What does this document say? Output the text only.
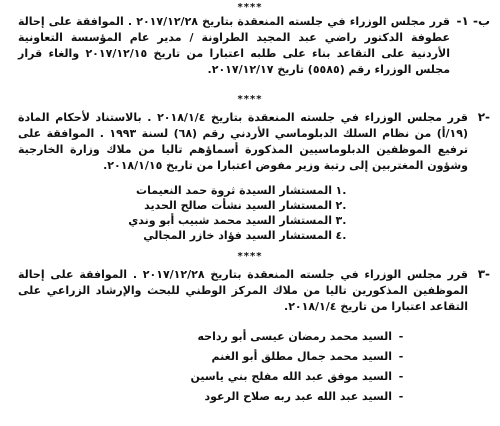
****
ب- ١-
قرر مجلس الوزراء في جلسته المنعقدة بتاريخ ٢٠١٧/١٢/٢٨ . الموافقة على إحالة عطوفة الدكتور راضي عبد المجيد الطراونة / مدير عام المؤسسة التعاونية الأردنية على التقاعد بناء على طلبه اعتبارا من تاريخ ٢٠١٧/١٢/١٥ والغاء قرار مجلس الوزراء رقم (٥٥٨٥) تاريخ ٢٠١٧/١٢/١٧.
****
-٢
قرر مجلس الوزراء في جلسته المنعقدة بتاريخ ٢٠١٨/١/٤ . بالاستناد لأحكام المادة (١٩/أ) من نظام السلك الدبلوماسي الأردني رقم (٦٨) لسنة ١٩٩٣ . الموافقة على ترفيع الموظفين الدبلوماسيين المذكورة أسماؤهم تاليا من ملاك وزارة الخارجية وشؤون المغتربين إلى رتبة وزير مفوض اعتبارا من تاريخ ٢٠١٨/١/١٥.
.١المستشار السيدة ثروة حمد النعيمات
.٢المستشار السيد نشأت صالح الحديد
.٣المستشار السيد محمد شبيب أبو وندي
.٤المستشار السيد فؤاد خازر المجالي
****
-٣
قرر مجلس الوزراء في جلسته المنعقدة بتاريخ ٢٠١٧/١٢/٢٨ . الموافقة على إحالة الموظفين المذكورين تاليا من ملاك المركز الوطني للبحث والإرشاد الزراعي على التقاعد اعتبارا من تاريخ ٢٠١٨/١/٤.
-السيد محمد رمضان عيسى أبو رداحه
-السيد محمد جمال مطلق أبو الغنم
-السيد موفق عبد الله مفلح بني ياسين
-السيد عبد الله عبد ربه صلاح الرعود
